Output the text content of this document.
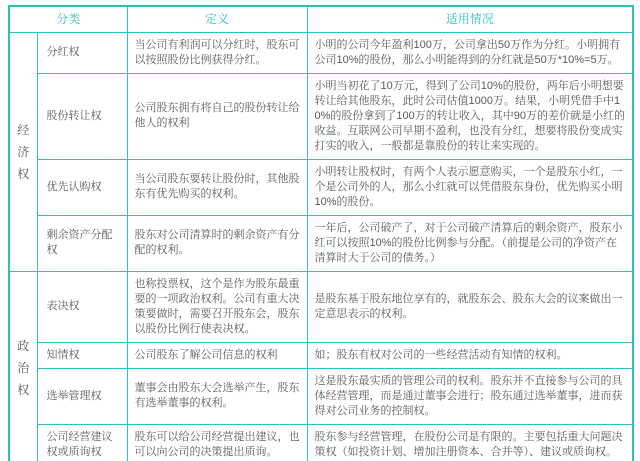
分类		定义	适用情况

经济权	分红权	当公司有利润可以分红时，股东可以按照股份比例获得分红。	小明的公司今年盈利100万，公司拿出50万作为分红。小明拥有公司10%的股份，那么小明能得到的分红就是50万*10%=5万。
	股份转让权	公司股东拥有将自己的股份转让给他人的权利	小明当初花了10万元，得到了公司10%的股份，两年后小明想要转让给其他股东，此时公司估值1000万。结果，小明凭借手中10%的股份拿到了100万的转让收入，其中90万的差价就是小红的收益。互联网公司早期不盈利，也没有分红，想要将股份变成实打实的收入，一般都是靠股份的转让来实现的。
	优先认购权	当公司股东要转让股份时，其他股东有优先购买的权利。	小明转让股权时，有两个人表示愿意购买，一个是股东小红，一个是公司外的人，那么小红就可以凭借股东身份，优先购买小明10%的股份。
	剩余资产分配权	股东对公司清算时的剩余资产有分配的权利。	一年后，公司破产了，对于公司破产清算后的剩余资产，股东小红可以按照10%的股份比例参与分配。（前提是公司的净资产在清算时大于公司的债务。）

政治权	表决权	也称投票权，这个是作为股东最重要的一项政治权利。公司有重大决策要做时，需要召开股东会，股东以股份比例行使表决权。	是股东基于股东地位享有的，就股东会、股东大会的议案做出一定意思表示的权利。
	知情权	公司股东了解公司信息的权利	如；股东有权对公司的一些经营活动有知情的权利。
	选举管理权	董事会由股东大会选举产生，股东有选举董事的权利。	这是股东最实质的管理公司的权利。股东并不直接参与公司的具体经营管理，而是通过董事会进行；股东通过选举董事，进而获得对公司业务的控制权。
	公司经营建议权或质询权	股东可以给公司经营提出建议，也可以向公司的决策提出质询。	股东参与经营管理，在股份公司是有限的。主要包括重大问题决策权（如投资计划、增加注册资本、合并等）、建议或质询权。
